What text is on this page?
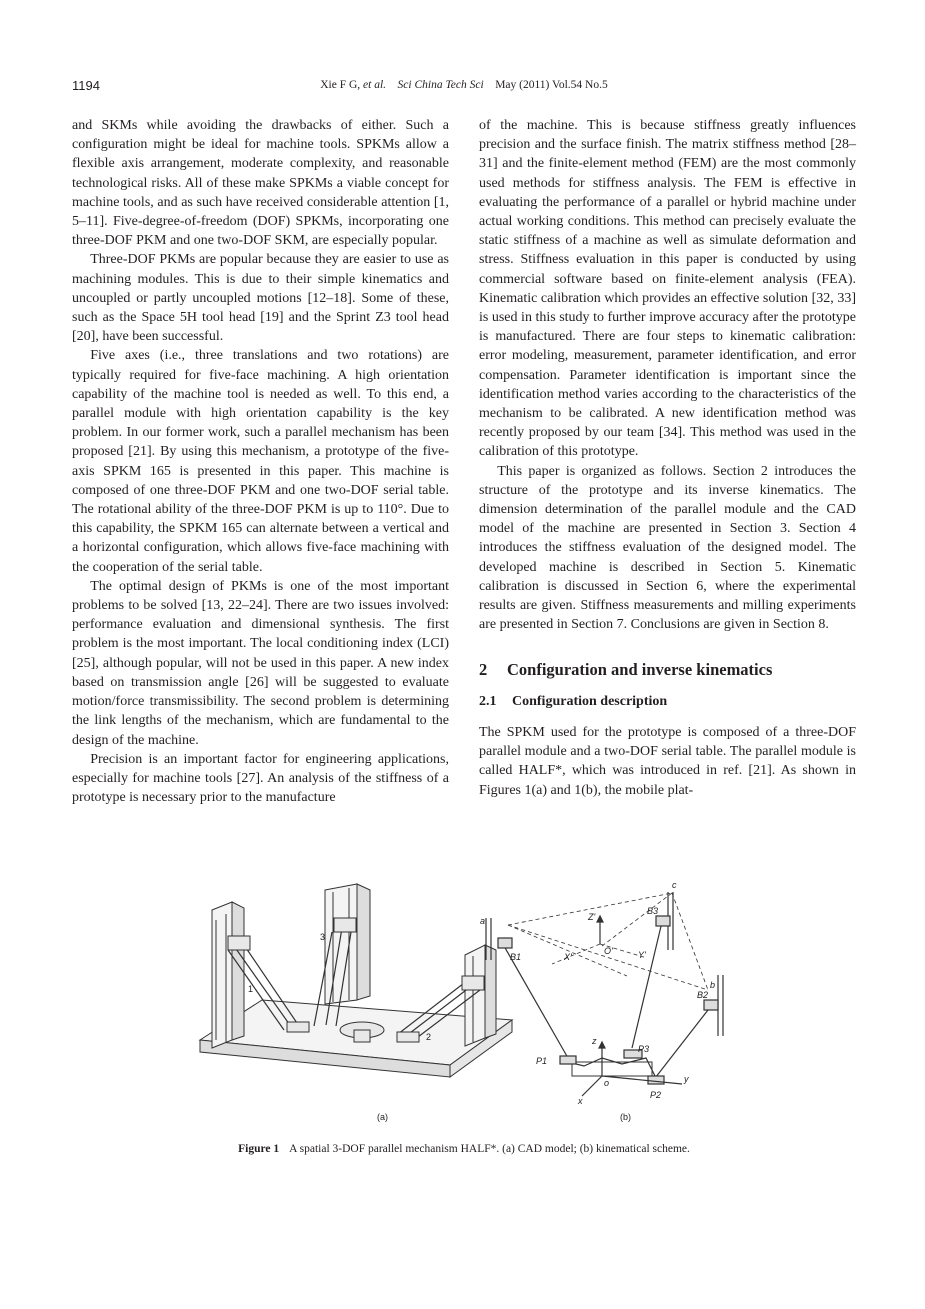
1194	Xie F G, et al. Sci China Tech Sci May (2011) Vol.54 No.5

and SKMs while avoiding the drawbacks of either. Such a configuration might be ideal for machine tools. SPKMs allow a flexible axis arrangement, moderate complexity, and reasonable technological risks. All of these make SPKMs a viable concept for machine tools, and as such have received considerable attention [1, 5–11]. Five-degree-of-freedom (DOF) SPKMs, incorporating one three-DOF PKM and one two-DOF SKM, are especially popular.

Three-DOF PKMs are popular because they are easier to use as machining modules. This is due to their simple kinematics and uncoupled or partly uncoupled motions [12–18]. Some of these, such as the Space 5H tool head [19] and the Sprint Z3 tool head [20], have been successful.

Five axes (i.e., three translations and two rotations) are typically required for five-face machining. A high orientation capability of the machine tool is needed as well. To this end, a parallel module with high orientation capability is the key problem. In our former work, such a parallel mechanism has been proposed [21]. By using this mechanism, a prototype of the five-axis SPKM 165 is presented in this paper. This machine is composed of one three-DOF PKM and one two-DOF serial table. The rotational ability of the three-DOF PKM is up to 110°. Due to this capability, the SPKM 165 can alternate between a vertical and a horizontal configuration, which allows five-face machining with the cooperation of the serial table.

The optimal design of PKMs is one of the most important problems to be solved [13, 22–24]. There are two issues involved: performance evaluation and dimensional synthesis. The first problem is the most important. The local conditioning index (LCI) [25], although popular, will not be used in this paper. A new index based on transmission angle [26] will be suggested to evaluate motion/force transmissibility. The second problem is determining the link lengths of the mechanism, which are fundamental to the design of the machine.

Precision is an important factor for engineering applications, especially for machine tools [27]. An analysis of the stiffness of a prototype is necessary prior to the manufacture

of the machine. This is because stiffness greatly influences precision and the surface finish. The matrix stiffness method [28–31] and the finite-element method (FEM) are the most commonly used methods for stiffness analysis. The FEM is effective in evaluating the performance of a parallel or hybrid machine under actual working conditions. This method can precisely evaluate the static stiffness of a machine as well as simulate deformation and stress. Stiffness evaluation in this paper is conducted by using commercial software based on finite-element analysis (FEA). Kinematic calibration which provides an effective solution [32, 33] is used in this study to further improve accuracy after the prototype is manufactured. There are four steps to kinematic calibration: error modeling, measurement, parameter identification, and error compensation. Parameter identification is important since the identification method varies according to the characteristics of the mechanism to be calibrated. A new identification method was recently proposed by our team [34]. This method was used in the calibration of this prototype.

This paper is organized as follows. Section 2 introduces the structure of the prototype and its inverse kinematics. The dimension determination of the parallel module and the CAD model of the machine are presented in Section 3. Section 4 introduces the stiffness evaluation of the designed model. The developed machine is described in Section 5. Kinematic calibration is discussed in Section 6, where the experimental results are given. Stiffness measurements and milling experiments are presented in Section 7. Conclusions are given in Section 8.

2 Configuration and inverse kinematics
2.1 Configuration description

The SPKM used for the prototype is composed of a three-DOF parallel module and a two-DOF serial table. The parallel module is called HALF*, which was introduced in ref. [21]. As shown in Figures 1(a) and 1(b), the mobile plat-

1
2
3
(a)
a
b
c
B1
B2
B3
P1
P2
P3
o
O'
x
y
z
X'	Y'
Z'
(b)
Figure 1 A spatial 3-DOF parallel mechanism HALF*. (a) CAD model; (b) kinematical scheme.
